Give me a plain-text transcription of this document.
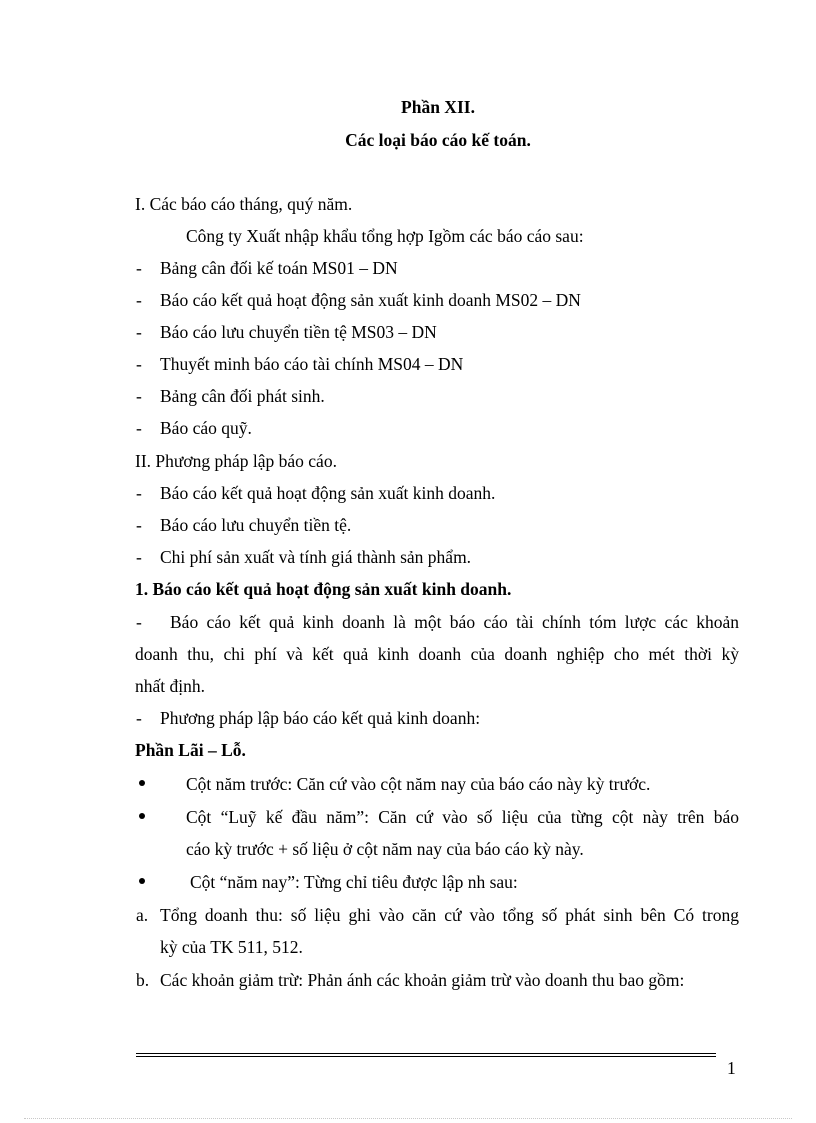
Phần XII.
Các loại báo cáo kế toán.
I. Các báo cáo tháng, quý năm.
Công ty Xuất nhập khẩu tổng hợp Igồm các báo cáo sau:
- Bảng cân đối kế toán MS01 – DN
- Báo cáo kết quả hoạt động sản xuất kinh doanh MS02 – DN
- Báo cáo lưu chuyển tiền tệ MS03 – DN
- Thuyết minh báo cáo tài chính MS04 – DN
- Bảng cân đối phát sinh.
- Báo cáo quỹ.
II. Phương pháp lập báo cáo.
- Báo cáo kết quả hoạt động sản xuất kinh doanh.
- Báo cáo lưu chuyển tiền tệ.
- Chi phí sản xuất và tính giá thành sản phẩm.
1. Báo cáo kết quả hoạt động sản xuất kinh doanh.
- Báo cáo kết quả kinh doanh là một báo cáo tài chính tóm lược các khoản
doanh thu, chi phí và kết quả kinh doanh của doanh nghiệp cho mét thời kỳ
nhất định.
- Phương pháp lập báo cáo kết quả kinh doanh:
Phần Lãi – Lỗ.
Cột năm trước: Căn cứ vào cột năm nay của báo cáo này kỳ trước.
Cột “Luỹ kế đầu năm”: Căn cứ vào số liệu của từng cột này trên báo
cáo kỳ trước + số liệu ở cột năm nay của báo cáo kỳ này.
Cột “năm nay”: Từng chỉ tiêu được lập nh sau:
a. Tổng doanh thu: số liệu ghi vào căn cứ vào tổng số phát sinh bên Có trong
kỳ của TK 511, 512.
b. Các khoản giảm trừ: Phản ánh các khoản giảm trừ vào doanh thu bao gồm:
1
